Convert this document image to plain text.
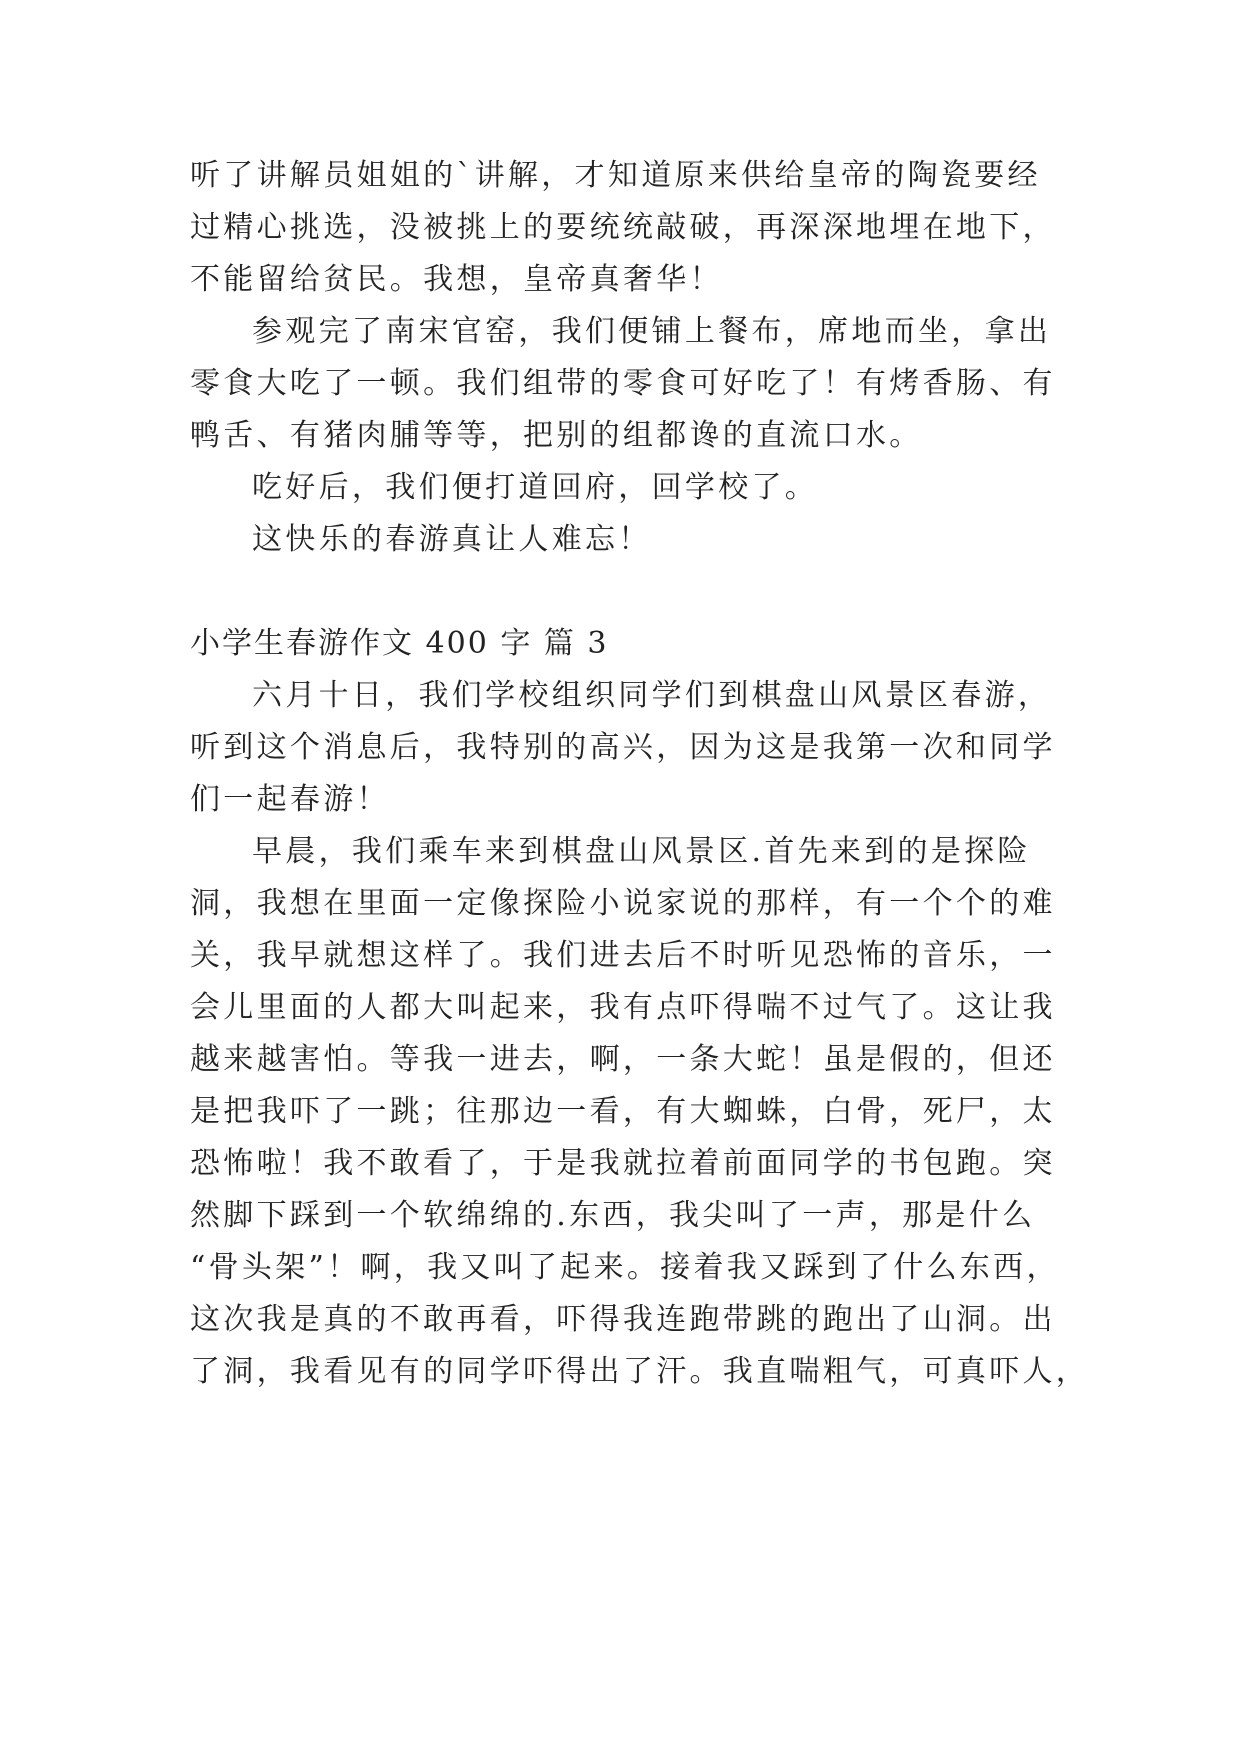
听了讲解员姐姐的`讲解，才知道原来供给皇帝的陶瓷要经

过精心挑选，没被挑上的要统统敲破，再深深地埋在地下，

不能留给贫民。我想，皇帝真奢华！

参观完了南宋官窑，我们便铺上餐布，席地而坐，拿出

零食大吃了一顿。我们组带的零食可好吃了！有烤香肠、有

鸭舌、有猪肉脯等等，把别的组都谗的直流口水。

吃好后，我们便打道回府，回学校了。

这快乐的春游真让人难忘！

小学生春游作文 400 字 篇 3

六月十日，我们学校组织同学们到棋盘山风景区春游，

听到这个消息后，我特别的高兴，因为这是我第一次和同学

们一起春游！

早晨，我们乘车来到棋盘山风景区.首先来到的是探险

洞，我想在里面一定像探险小说家说的那样，有一个个的难

关，我早就想这样了。我们进去后不时听见恐怖的音乐，一

会儿里面的人都大叫起来，我有点吓得喘不过气了。这让我

越来越害怕。等我一进去，啊，一条大蛇！虽是假的，但还

是把我吓了一跳；往那边一看，有大蜘蛛，白骨，死尸，太

恐怖啦！我不敢看了，于是我就拉着前面同学的书包跑。突

然脚下踩到一个软绵绵的.东西，我尖叫了一声，那是什么

“骨头架”！啊，我又叫了起来。接着我又踩到了什么东西，

这次我是真的不敢再看，吓得我连跑带跳的跑出了山洞。出

了洞，我看见有的同学吓得出了汗。我直喘粗气，可真吓人，
